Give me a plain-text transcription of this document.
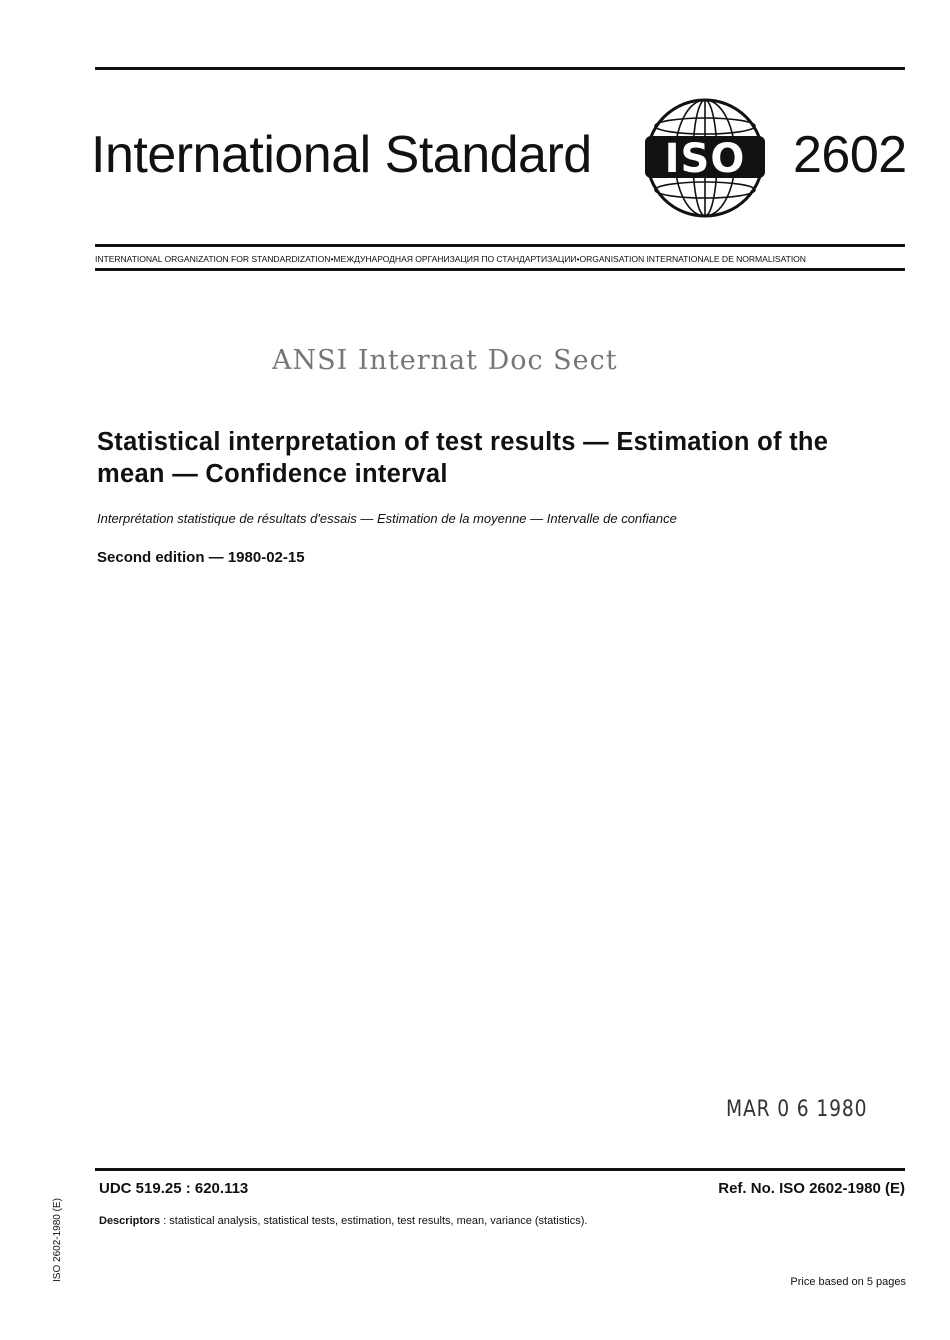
International Standard ISO 2602
INTERNATIONAL ORGANIZATION FOR STANDARDIZATION•МЕЖДУНАРОДНАЯ ОРГАНИЗАЦИЯ ПО СТАНДАРТИЗАЦИИ•ORGANISATION INTERNATIONALE DE NORMALISATION
ANSI Internat Doc Sect
Statistical interpretation of test results — Estimation of the mean — Confidence interval
Interprétation statistique de résultats d'essais — Estimation de la moyenne — Intervalle de confiance
Second edition — 1980-02-15
MAR 0 6 1980
UDC 519.25 : 620.113	Ref. No. ISO 2602-1980 (E)
Descriptors : statistical analysis, statistical tests, estimation, test results, mean, variance (statistics).
Price based on 5 pages
ISO 2602-1980 (E)
